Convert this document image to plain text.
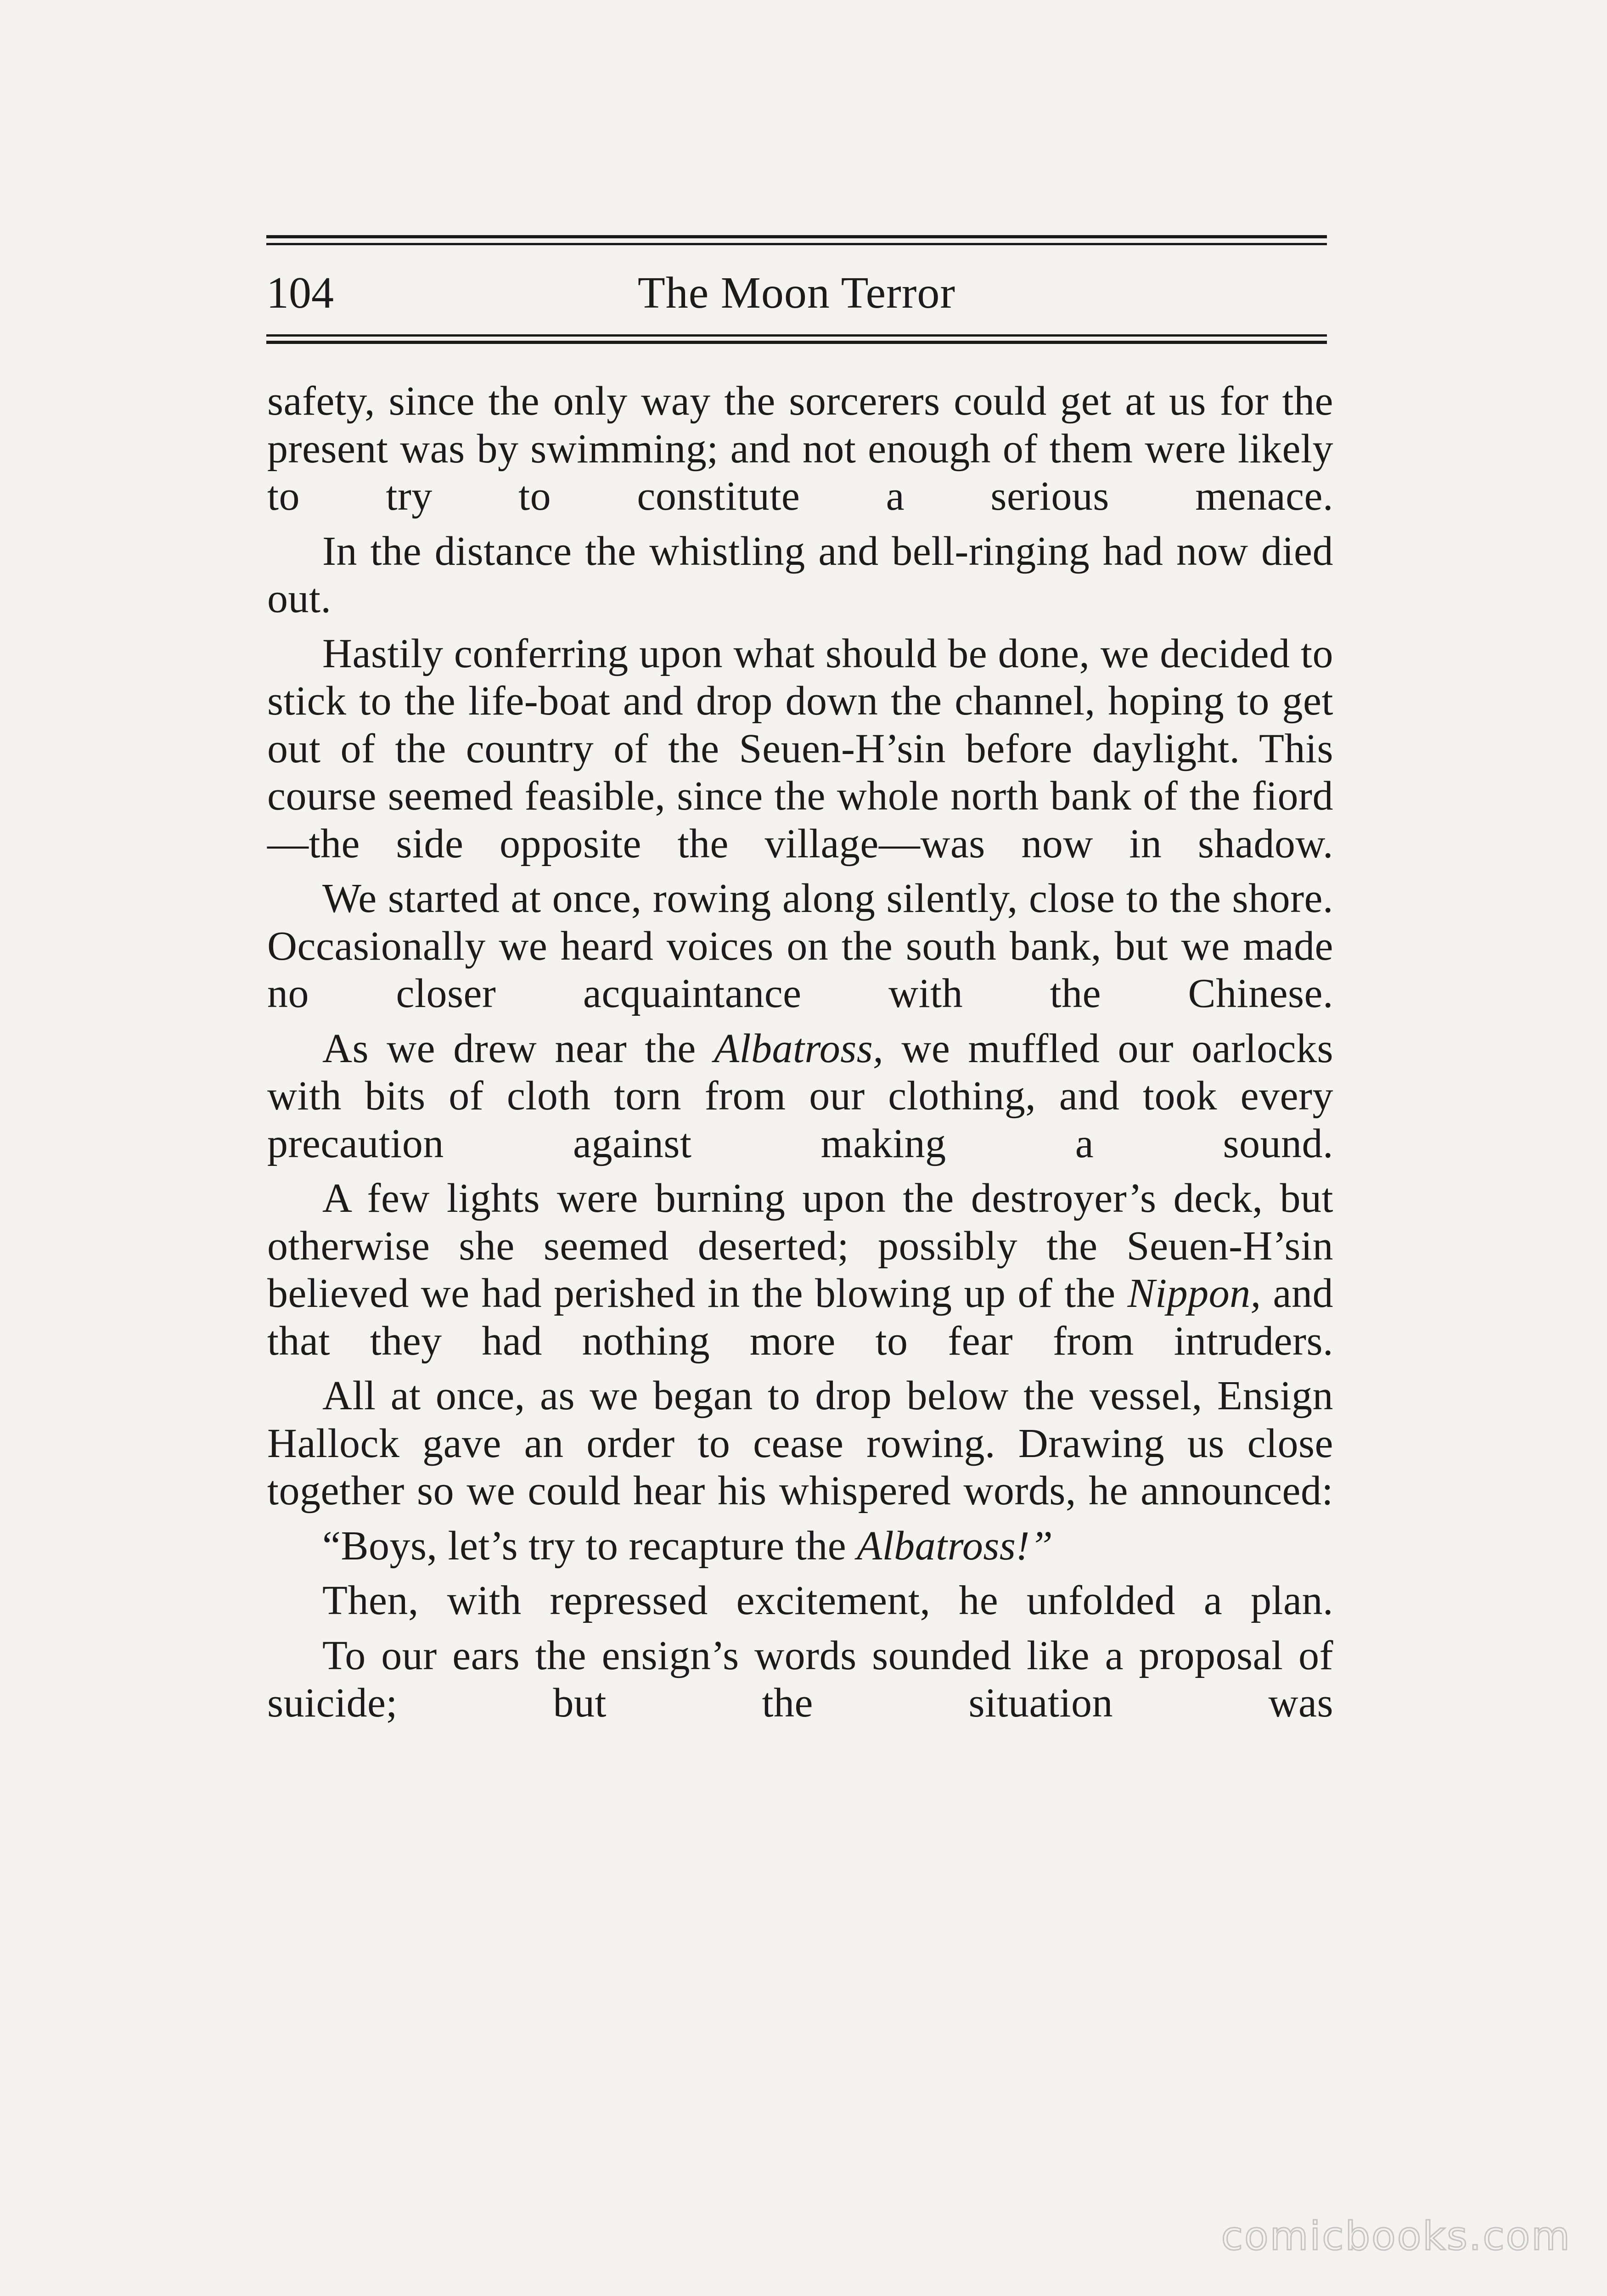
104	The Moon Terror

safety, since the only way the sorcerers could get at us for the present was by swimming; and not enough of them were likely to try to constitute a serious menace.

In the distance the whistling and bell-ringing had now died out.

Hastily conferring upon what should be done, we decided to stick to the life-boat and drop down the channel, hoping to get out of the country of the Seuen-H’sin before daylight. This course seemed feasible, since the whole north bank of the fiord—the side opposite the village—was now in shadow.

We started at once, rowing along silently, close to the shore. Occasionally we heard voices on the south bank, but we made no closer acquaintance with the Chinese.

As we drew near the Albatross, we muffled our oarlocks with bits of cloth torn from our clothing, and took every precaution against making a sound.

A few lights were burning upon the destroyer’s deck, but otherwise she seemed deserted; possibly the Seuen-H’sin believed we had perished in the blowing up of the Nippon, and that they had nothing more to fear from intruders.

All at once, as we began to drop below the vessel, Ensign Hallock gave an order to cease rowing. Drawing us close together so we could hear his whispered words, he announced:

“Boys, let’s try to recapture the Albatross!”

Then, with repressed excitement, he unfolded a plan.

To our ears the ensign’s words sounded like a proposal of suicide; but the situation was

comicbooks.com
